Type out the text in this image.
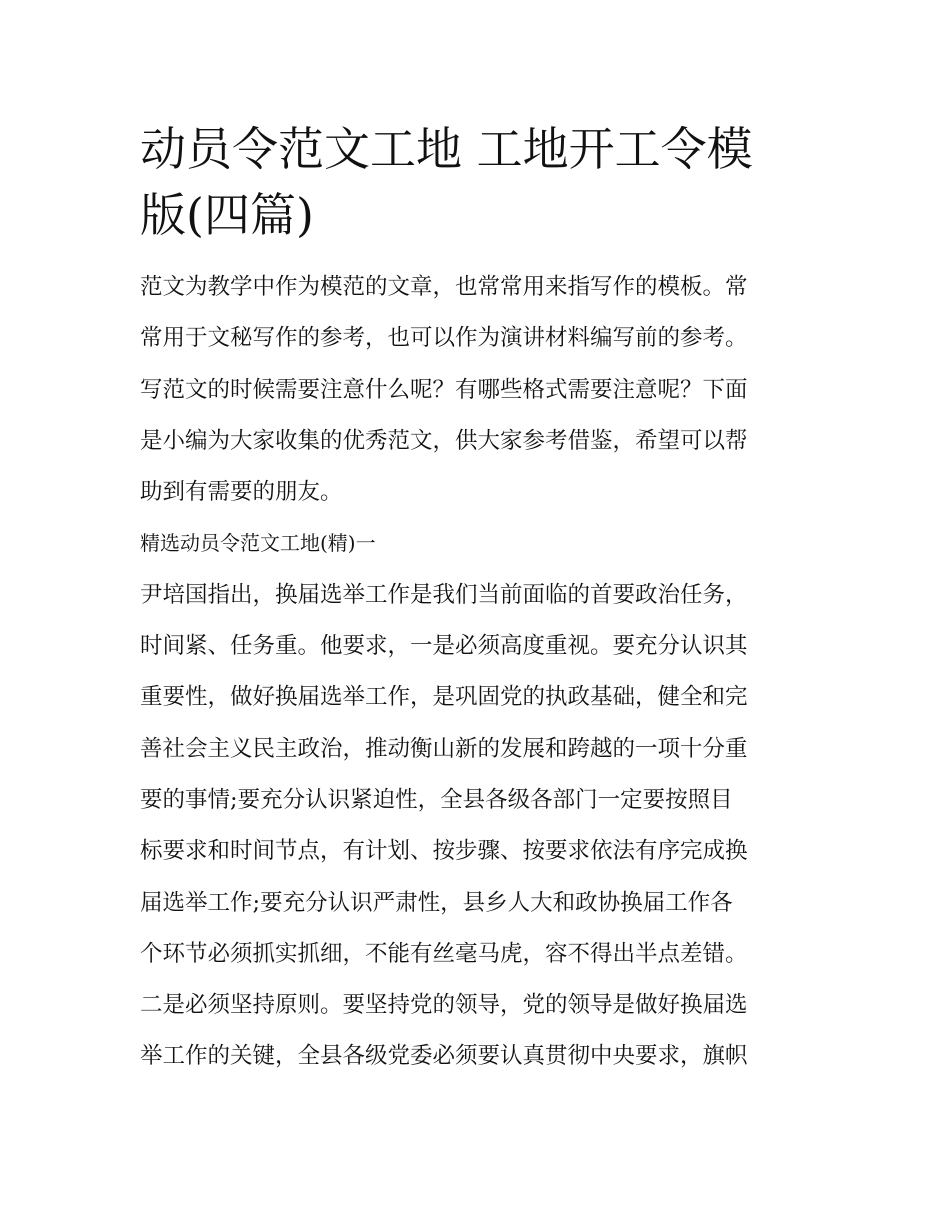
动员令范文工地 工地开工令模
版(四篇)
范文为教学中作为模范的文章，也常常用来指写作的模板。常
常用于文秘写作的参考，也可以作为演讲材料编写前的参考。
写范文的时候需要注意什么呢？有哪些格式需要注意呢？下面
是小编为大家收集的优秀范文，供大家参考借鉴，希望可以帮
助到有需要的朋友。
精选动员令范文工地(精)一
尹培国指出，换届选举工作是我们当前面临的首要政治任务，
时间紧、任务重。他要求，一是必须高度重视。要充分认识其
重要性，做好换届选举工作，是巩固党的执政基础，健全和完
善社会主义民主政治，推动衡山新的发展和跨越的一项十分重
要的事情;要充分认识紧迫性，全县各级各部门一定要按照目
标要求和时间节点，有计划、按步骤、按要求依法有序完成换
届选举工作;要充分认识严肃性，县乡人大和政协换届工作各
个环节必须抓实抓细，不能有丝毫马虎，容不得出半点差错。
二是必须坚持原则。要坚持党的领导，党的领导是做好换届选
举工作的关键，全县各级党委必须要认真贯彻中央要求，旗帜
